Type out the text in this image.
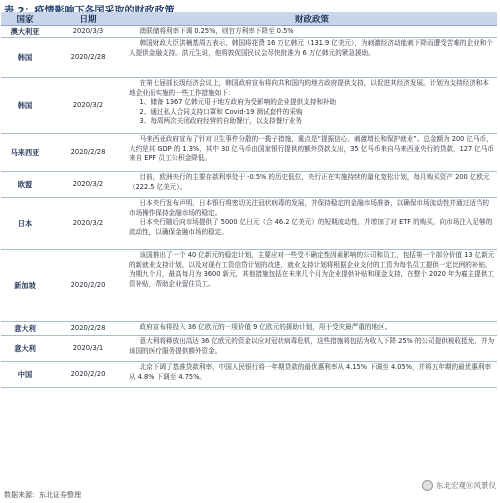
国家	日期	财政政策
澳大利亚	2020/3/3	澳联储将利率下调 0.25%，则官方利率下降至 0.5%

韩国	2020/2/28	韩国财政大臣洪楠基周五表示，韩国将花费 16 万亿韩元（131.9 亿美元），为刺激经济动能刺下降而遭受苦难的企业和个人提供金融支持。洪元生说，他将敦促国民议会尽快批准为 6 万亿韩元的紧急援助。

韩国	2020/3/2	在第七届部长级经济会议上，韩国政府宣布将向共和国内的地方政府提供支持，以促进其经济发展。计划为支持经济和本地企业而实施的一些工作措施如下：
1、储备 1367 亿韩元用于地方政府为受影响的企业提供支持和补助
2、通过私人合同支持口罩和 Covid-19 测试套件的采购
3、每周两次关闭政府经营的自助餐厅，以支持餐厅业务

马来西亚	2020/2/28	马来西亚政府宣布了针对卫生事件分散的一揽子措施，重点是“提振信心、刺激增长和保护就业”。总金额为 200 亿马币，大约是其 GDP 的 1.3%，其中 30 亿马币由国家银行提供的额外贷款支出，35 亿马币来自马来西亚央行的贷款，127 亿马币来自 EPF 员工公积金降低。

欧盟	2020/3/2	目前，欧洲央行的主要存款利率处于 -0.5% 的历史低位，央行正在实施持续的量化宽松计划，每月购买资产 200 亿欧元（222.5 亿美元）。

日本	2020/3/2	日本央行发布声明，日本银行将密切关注冠状病毒的发展，并保持稳定的金融市场准备，以确保市场流动性并通过适当的市场操作保持金融市场的稳定。
日本央行随后向市场提供了 5000 亿日元（合 46.2 亿美元）的短期流动性，并增加了对 ETF 的购买，向市场注入足够的流动性，以确保金融市场的稳定。

新加坡	2020/2/20	该国推出了一个 40 亿新元的稳定计划，主要应对一些受不确定性因素影响的公司和员工，包括第一个部分价值 13 亿新元的新就业支持计划，以及对现有工资信贷计划的改进，就业支持计划将根据企业支付的工资为每名员工提供一定比例的补贴，为期九个月，最高每月为 3600 新元，其他措施包括在未来几个月为企业提供补贴和现金支持，在整个 2020 年为雇主提供工资补贴，帮助企业留住员工。

意大利	2020/2/28	政府宣布将投入 36 亿欧元的一项价值 9 亿欧元的援助计划，用于受灾最严重的地区。

意大利	2020/3/1	意大利将释放出高达 36 亿欧元的资金以应对冠状病毒危机，这些措施将包括为收入下降 25% 的公司提供税收抵免，并为该国的医疗服务提供额外资金。

中国	2020/2/20	北京下调了基准贷款利率，中国人民银行将一年期贷款的最优惠利率从 4.15% 下调至 4.05%，并将五年期的最优惠利率从 4.8% 下调至 4.75%。
东北宏观Ⓡ风景仪
数据来源：东北证券整理
